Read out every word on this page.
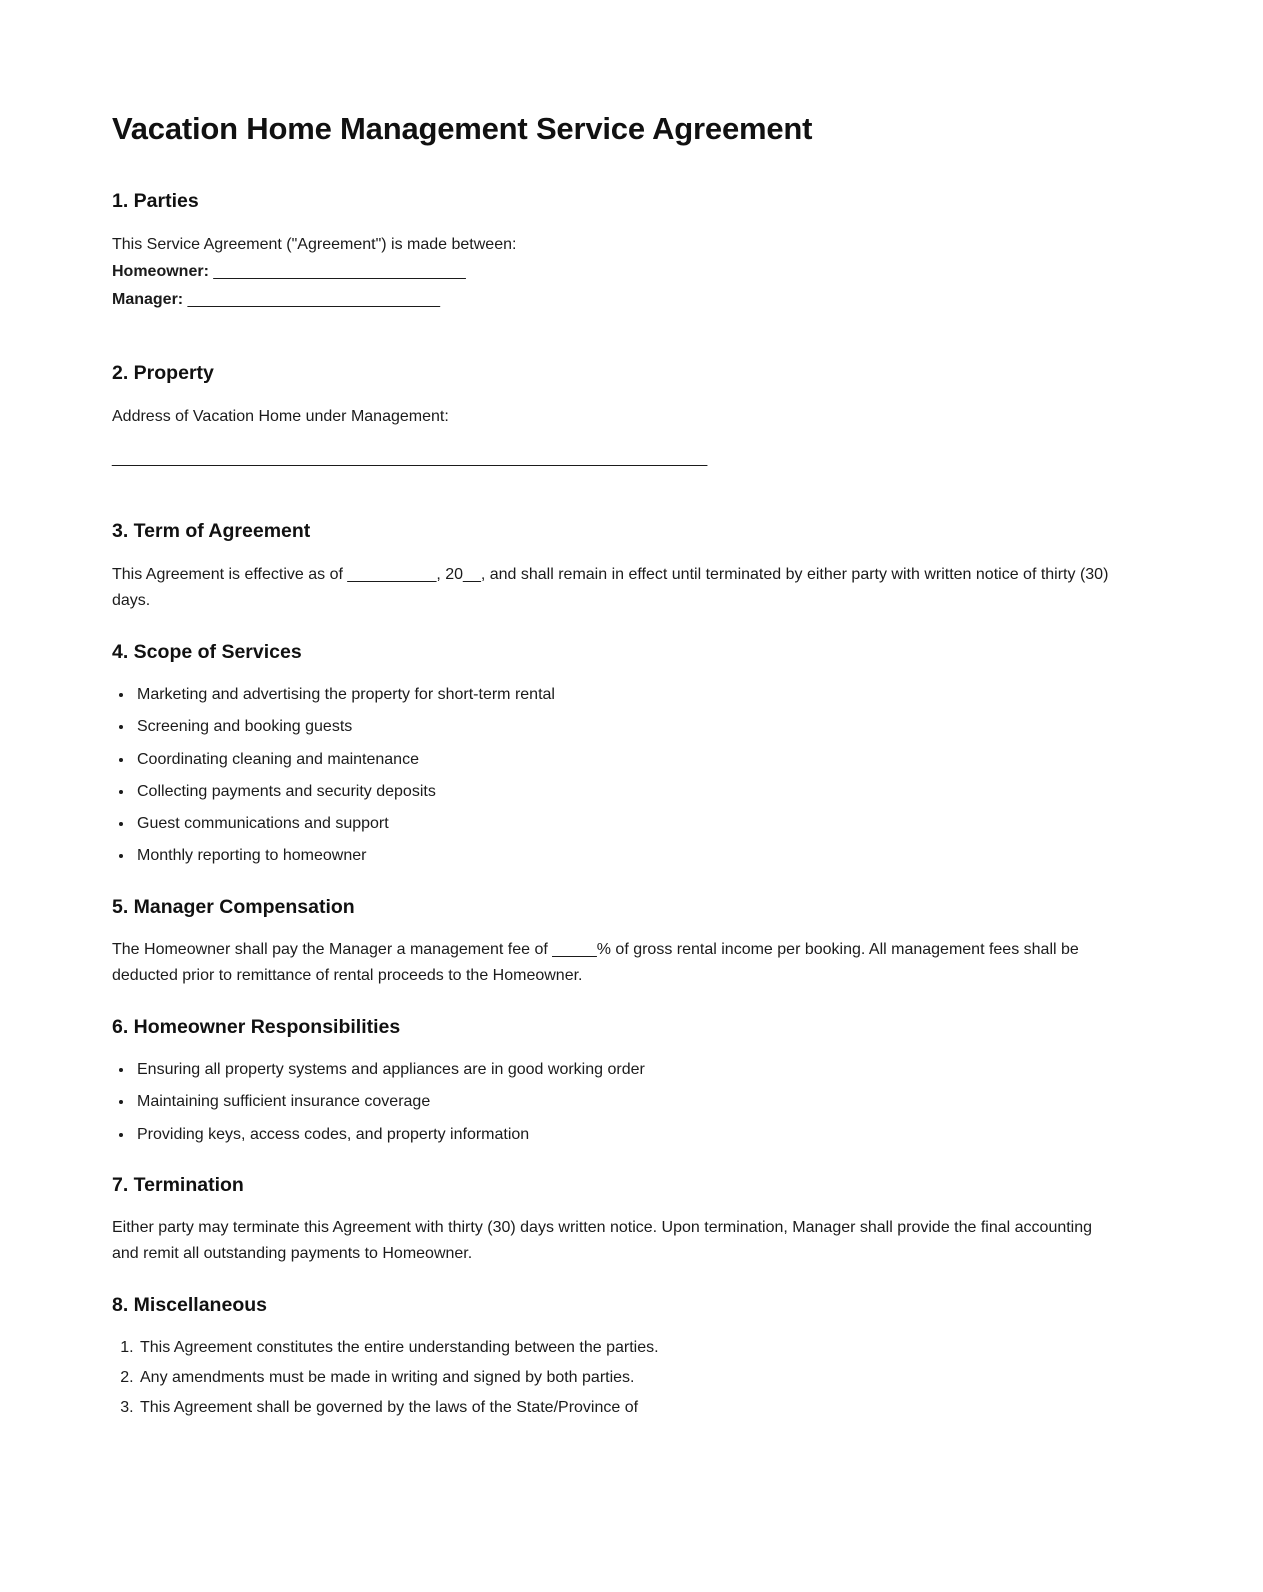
Vacation Home Management Service Agreement
1. Parties

This Service Agreement ("Agreement") is made between:

Homeowner: ______________________________

Manager: ______________________________

2. Property

Address of Vacation Home under Management:

______________________________________________________________________

3. Term of Agreement

This Agreement is effective as of __________, 20__, and shall remain in effect until terminated by either party with written notice of thirty (30) days.

4. Scope of Services
• Marketing and advertising the property for short-term rental
• Screening and booking guests
• Coordinating cleaning and maintenance
• Collecting payments and security deposits
• Guest communications and support
• Monthly reporting to homeowner
5. Manager Compensation

The Homeowner shall pay the Manager a management fee of _____% of gross rental income per booking. All management fees shall be deducted prior to remittance of rental proceeds to the Homeowner.

6. Homeowner Responsibilities
• Ensuring all property systems and appliances are in good working order
• Maintaining sufficient insurance coverage
• Providing keys, access codes, and property information
7. Termination

Either party may terminate this Agreement with thirty (30) days written notice. Upon termination, Manager shall provide the final accounting and remit all outstanding payments to Homeowner.

8. Miscellaneous
1. This Agreement constitutes the entire understanding between the parties.
2. Any amendments must be made in writing and signed by both parties.
3. This Agreement shall be governed by the laws of the State/Province of
